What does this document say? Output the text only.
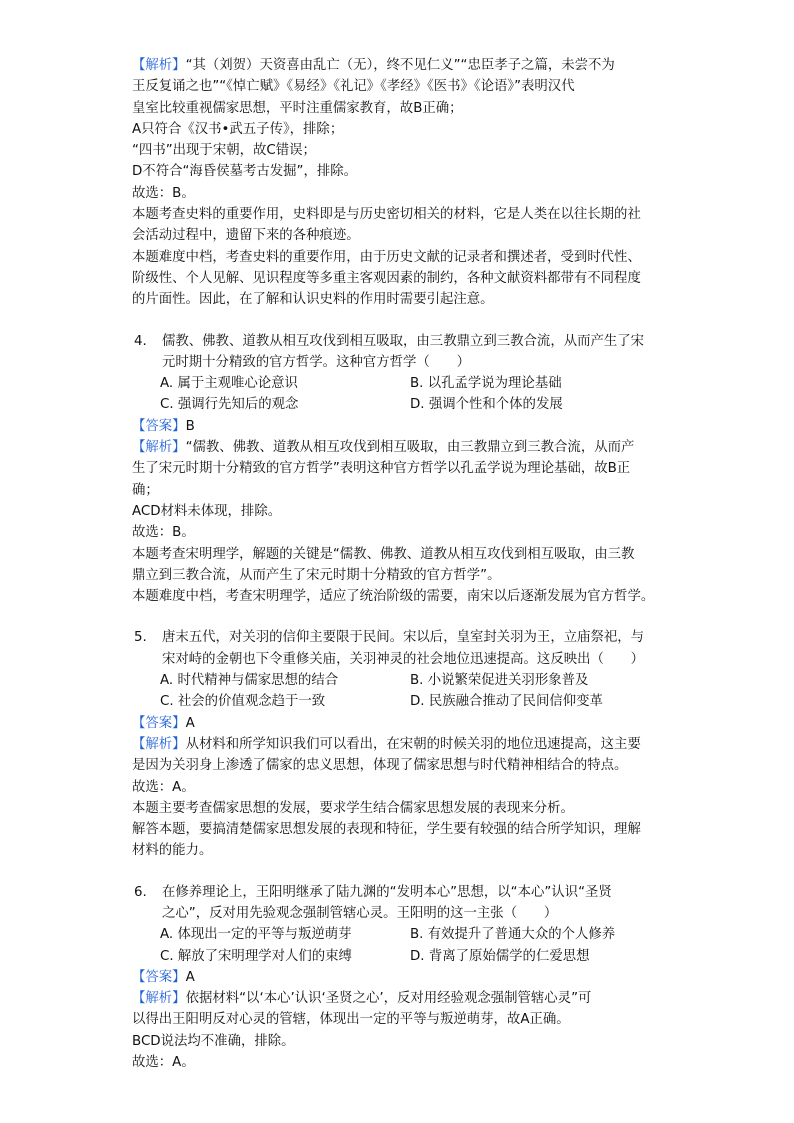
【解析】“其（刘贺）天资喜由乱亡（无），终不见仁义”“忠臣孝子之篇，未尝不为
王反复诵之也”“《悼亡赋》《易经》《礼记》《孝经》《医书》《论语》”表明汉代
皇室比较重视儒家思想，平时注重儒家教育，故B正确；
A只符合《汉书•武五子传》，排除；
“四书”出现于宋朝，故C错误；
D不符合“海昏侯墓考古发掘”，排除。
故选：B。
本题考查史料的重要作用，史料即是与历史密切相关的材料，它是人类在以往长期的社
会活动过程中，遗留下来的各种痕迹。
本题难度中档，考查史料的重要作用，由于历史文献的记录者和撰述者，受到时代性、
阶级性、个人见解、见识程度等多重主客观因素的制约，各种文献资料都带有不同程度
的片面性。因此，在了解和认识史料的作用时需要引起注意。
4. 儒教、佛教、道教从相互攻伐到相互吸取，由三教鼎立到三教合流，从而产生了宋
元时期十分精致的官方哲学。这种官方哲学（　　）
A. 属于主观唯心论意识	B. 以孔孟学说为理论基础
C. 强调行先知后的观念	D. 强调个性和个体的发展
【答案】B
【解析】“儒教、佛教、道教从相互攻伐到相互吸取，由三教鼎立到三教合流，从而产
生了宋元时期十分精致的官方哲学”表明这种官方哲学以孔孟学说为理论基础，故B正
确；
ACD材料未体现，排除。
故选：B。
本题考查宋明理学，解题的关键是“儒教、佛教、道教从相互攻伐到相互吸取，由三教
鼎立到三教合流，从而产生了宋元时期十分精致的官方哲学”。
本题难度中档，考查宋明理学，适应了统治阶级的需要，南宋以后逐渐发展为官方哲学。
5. 唐末五代，对关羽的信仰主要限于民间。宋以后，皇室封关羽为王，立庙祭祀，与
宋对峙的金朝也下令重修关庙，关羽神灵的社会地位迅速提高。这反映出（　　）
A. 时代精神与儒家思想的结合	B. 小说繁荣促进关羽形象普及
C. 社会的价值观念趋于一致	D. 民族融合推动了民间信仰变革
【答案】A
【解析】从材料和所学知识我们可以看出，在宋朝的时候关羽的地位迅速提高，这主要
是因为关羽身上渗透了儒家的忠义思想，体现了儒家思想与时代精神相结合的特点。
故选：A。
本题主要考查儒家思想的发展，要求学生结合儒家思想发展的表现来分析。
解答本题，要搞清楚儒家思想发展的表现和特征，学生要有较强的结合所学知识，理解
材料的能力。
6. 在修养理论上，王阳明继承了陆九渊的“发明本心”思想，以“本心”认识“圣贤
之心”，反对用先验观念强制管辖心灵。王阳明的这一主张（　　）
A. 体现出一定的平等与叛逆萌芽	B. 有效提升了普通大众的个人修养
C. 解放了宋明理学对人们的束缚	D. 背离了原始儒学的仁爱思想
【答案】A
【解析】依据材料“以‘本心’认识‘圣贤之心’，反对用经验观念强制管辖心灵”可
以得出王阳明反对心灵的管辖，体现出一定的平等与叛逆萌芽，故A正确。
BCD说法均不准确，排除。
故选：A。
